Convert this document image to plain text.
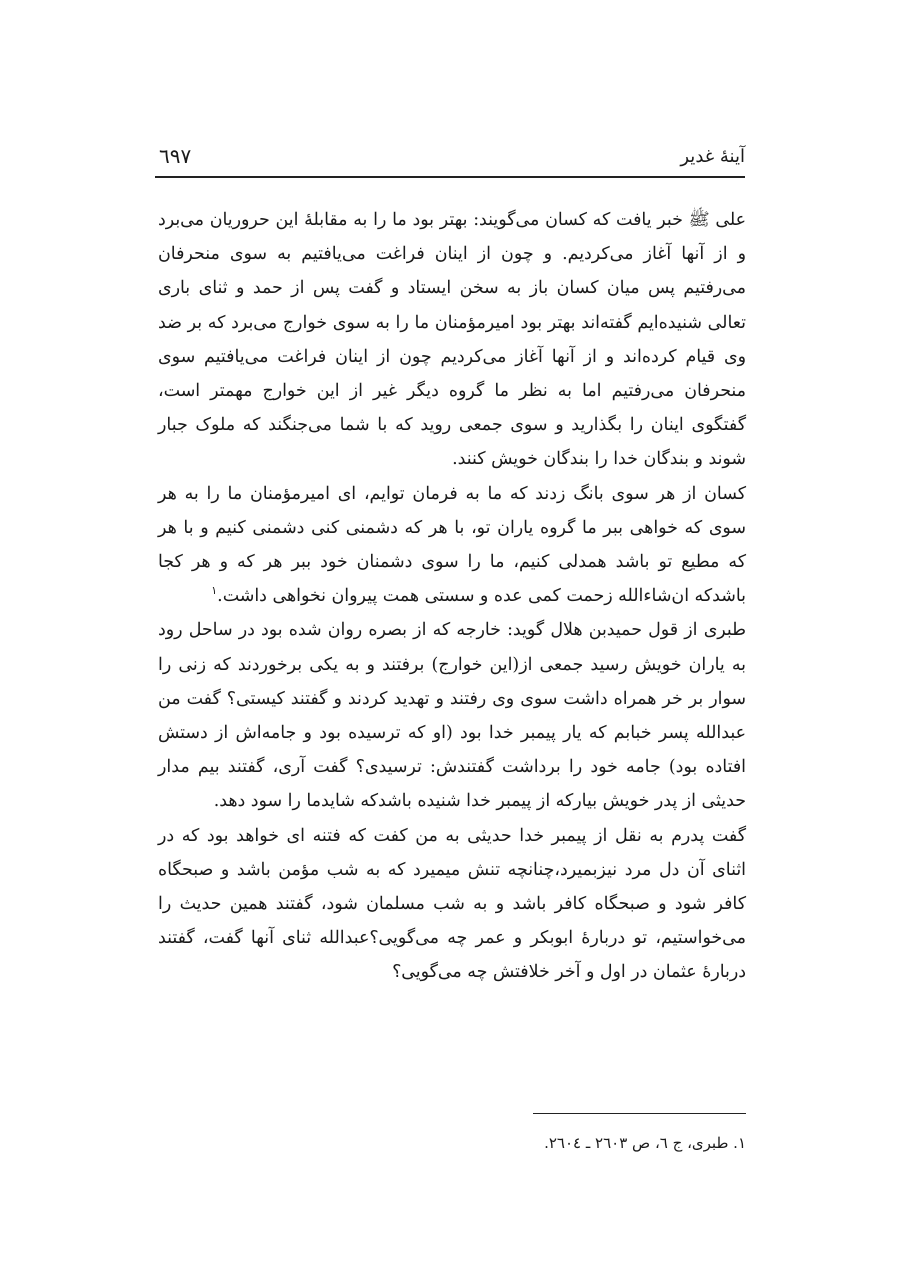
آینهٔ غدیر
٦٩٧

علی ﷺ خبر یافت که کسان می‌گویند: بهتر بود ما را به مقابلهٔ این حروریان می‌برد و از آنها آغاز می‌کردیم. و چون از اینان فراغت می‌یافتیم به سوی منحرفان می‌رفتیم پس میان کسان باز به سخن ایستاد و گفت پس از حمد و ثنای باری تعالی شنیده‌ایم گفته‌اند بهتر بود امیرمؤمنان ما را به سوی خوارج می‌برد که بر ضد وی قیام کرده‌اند و از آنها آغاز می‌کردیم چون از اینان فراغت می‌یافتیم سوی منحرفان می‌رفتیم اما به نظر ما گروه دیگر غیر از این خوارج مهمتر است، گفتگوی اینان را بگذارید و سوی جمعی روید که با شما می‌جنگند که ملوک جبار شوند و بندگان خدا را بندگان خویش کنند.

کسان از هر سوی بانگ زدند که ما به فرمان توایم، ای امیرمؤمنان ما را به هر سوی که خواهی ببر ما گروه یاران تو، با هر که دشمنی کنی دشمنی کنیم و با هر که مطیع تو باشد همدلی کنیم، ما را سوی دشمنان خود ببر هر که و هر کجا باشدکه ان‌شاءالله زحمت کمی عده و سستی همت پیروان نخواهی داشت.$^١$

طبری از قول حمیدبن هلال گوید: خارجه که از بصره روان شده بود در ساحل رود به یاران خویش رسید جمعی از(این خوارج) برفتند و به یکی برخوردند که زنی را سوار بر خر همراه داشت سوی وی رفتند و تهدید کردند و گفتند کیستی؟ گفت من عبدالله پسر خبابم که یار پیمبر خدا بود (او که ترسیده بود و جامه‌اش از دستش افتاده بود) جامه خود را برداشت گفتندش: ترسیدی؟ گفت آری، گفتند بیم مدار حدیثی از پدر خویش بیارکه از پیمبر خدا شنیده باشدکه شایدما را سود دهد.

گفت پدرم به نقل از پیمبر خدا حدیثی به من کفت که فتنه ای خواهد بود که در اثنای آن دل مرد نیزبمیرد،چنانچه تنش میمیرد که به شب مؤمن باشد و صبحگاه کافر شود و صبحگاه کافر باشد و به شب مسلمان شود، گفتند همین حدیث را می‌خواستیم، تو دربارهٔ ابوبکر و عمر چه می‌گویی؟عبدالله ثنای آنها گفت، گفتند دربارهٔ عثمان در اول و آخر خلافتش چه می‌گویی؟

١. طبری، ج ٦، ص ٢٦٠٣ ـ ٢٦٠٤.
